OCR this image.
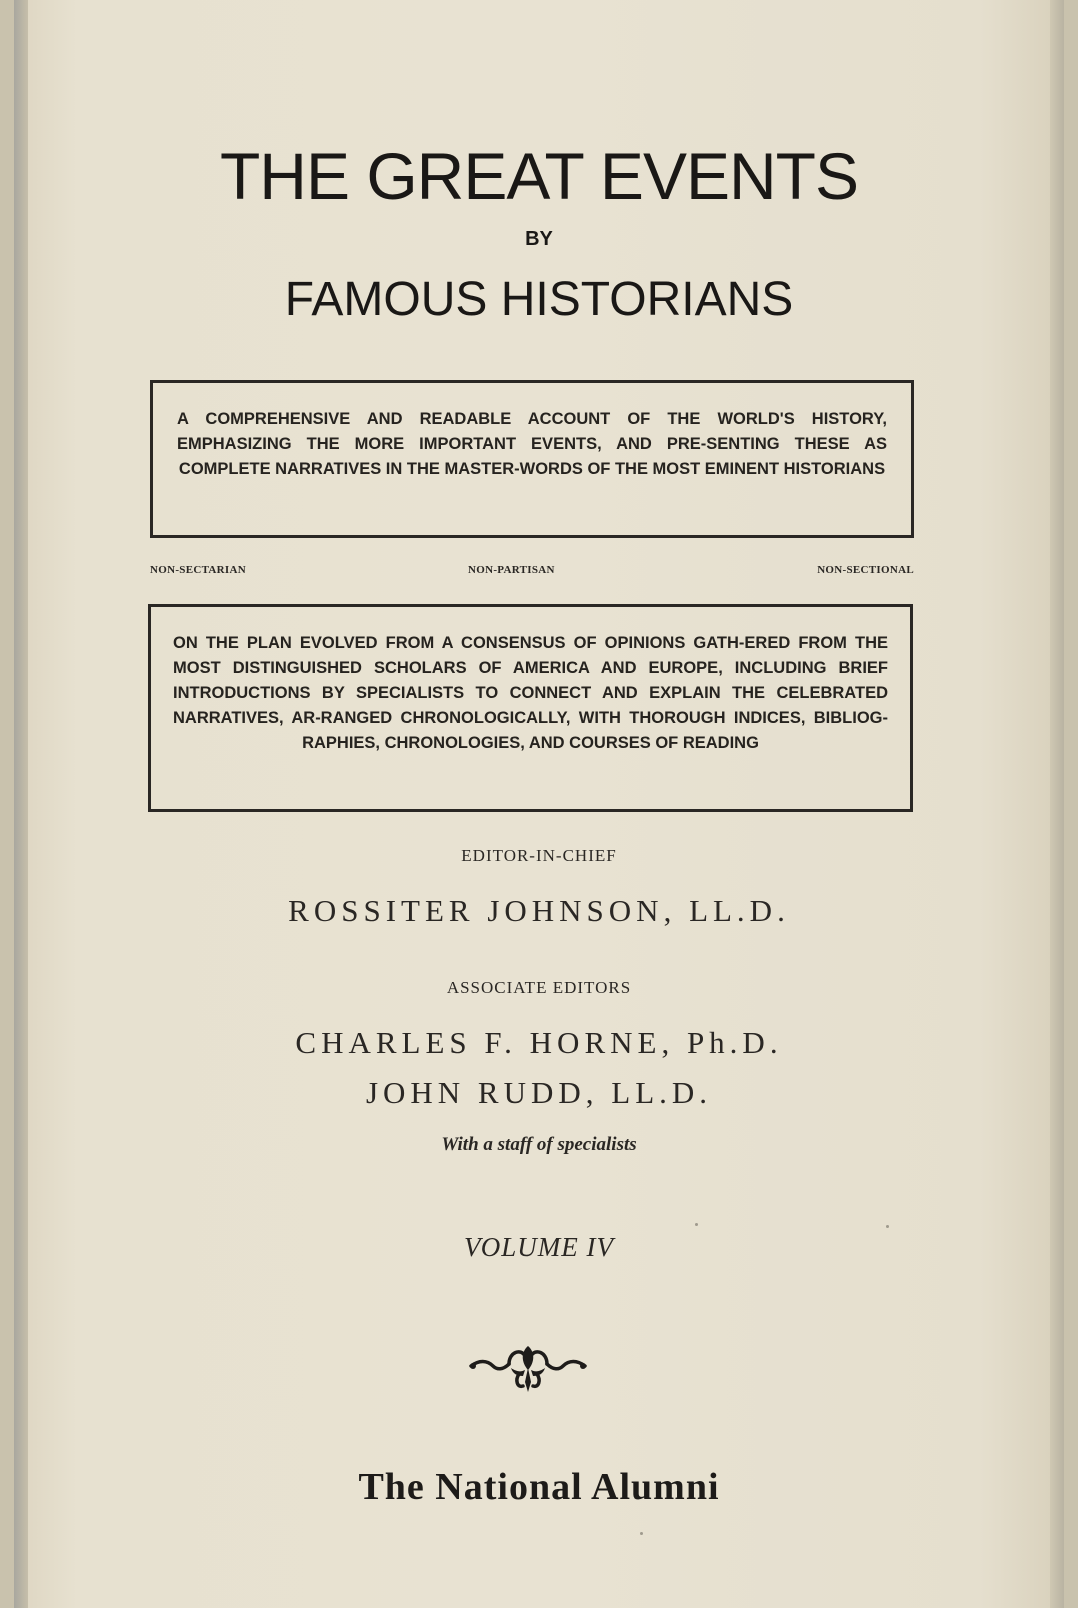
THE GREAT EVENTS
BY
FAMOUS HISTORIANS

A COMPREHENSIVE AND READABLE ACCOUNT OF THE WORLD'S HISTORY, EMPHASIZING THE MORE IMPORTANT EVENTS, AND PRE-SENTING THESE AS COMPLETE NARRATIVES IN THE MASTER-WORDS OF THE MOST EMINENT HISTORIANS

NON-SECTARIAN	NON-PARTISAN	NON-SECTIONAL

ON THE PLAN EVOLVED FROM A CONSENSUS OF OPINIONS GATH-ERED FROM THE MOST DISTINGUISHED SCHOLARS OF AMERICA AND EUROPE, INCLUDING BRIEF INTRODUCTIONS BY SPECIALISTS TO CONNECT AND EXPLAIN THE CELEBRATED NARRATIVES, AR-RANGED CHRONOLOGICALLY, WITH THOROUGH INDICES, BIBLIOG-RAPHIES, CHRONOLOGIES, AND COURSES OF READING

EDITOR-IN-CHIEF
ROSSITER JOHNSON, LL.D.
ASSOCIATE EDITORS
CHARLES F. HORNE, Ph.D.
JOHN RUDD, LL.D.
With a staff of specialists
VOLUME IV
The National Alumni
